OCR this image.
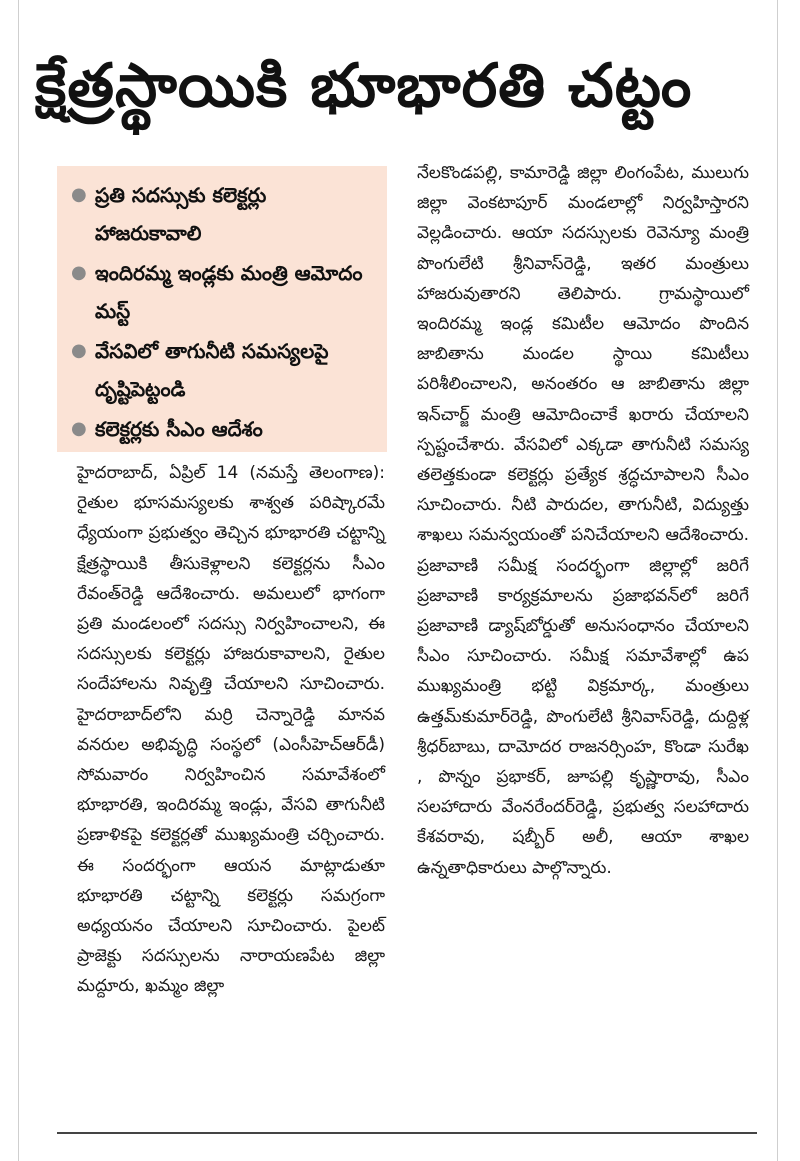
క్షేత్రస్థాయికి భూభారతి చట్టం
● ప్రతి సదస్సుకు కలెక్టర్లు హాజరుకావాలి
● ఇందిరమ్మ ఇండ్లకు మంత్రి ఆమోదం మస్ట్
● వేసవిలో తాగునీటి సమస్యలపై దృష్టిపెట్టండి
● కలెక్టర్లకు సీఎం ఆదేశం

హైదరాబాద్, ఏప్రిల్ 14 (నమస్తే తెలంగాణ): రైతుల భూసమస్యలకు శాశ్వత పరిష్కారమే ధ్యేయంగా ప్రభుత్వం తెచ్చిన భూభారతి చట్టాన్ని క్షేత్రస్థాయికి తీసుకెళ్లాలని కలెక్టర్లను సీఎం రేవంత్‌రెడ్డి ఆదేశించారు. అమలులో భాగంగా ప్రతి మండలంలో సదస్సు నిర్వహించాలని, ఈ సదస్సులకు కలెక్టర్లు హాజరుకావాలని, రైతుల సందేహాలను నివృత్తి చేయాలని సూచించారు. హైదరాబాద్‌లోని మర్రి చెన్నారెడ్డి మానవ వనరుల అభివృద్ధి సంస్థలో (ఎంసీహెచ్‌ఆర్‌డీ) సోమవారం నిర్వహించిన సమావేశంలో భూభారతి, ఇందిరమ్మ ఇండ్లు, వేసవి తాగునీటి ప్రణాళికపై కలెక్టర్లతో ముఖ్యమంత్రి చర్చించారు. ఈ సందర్భంగా ఆయన మాట్లాడుతూ భూభారతి చట్టాన్ని కలెక్టర్లు సమగ్రంగా అధ్యయనం చేయాలని సూచించారు. పైలట్ ప్రాజెక్టు సదస్సులను నారాయణపేట జిల్లా మద్దూరు, ఖమ్మం జిల్లా

నేలకొండపల్లి, కామారెడ్డి జిల్లా లింగంపేట, ములుగు జిల్లా వెంకటాపూర్ మండలాల్లో నిర్వహిస్తారని వెల్లడించారు. ఆయా సదస్సులకు రెవెన్యూ మంత్రి పొంగులేటి శ్రీనివాస్‌రెడ్డి, ఇతర మంత్రులు హాజరువుతారని తెలిపారు. గ్రామస్థాయిలో ఇందిరమ్మ ఇండ్ల కమిటీల ఆమోదం పొందిన జాబితాను మండల స్థాయి కమిటీలు పరిశీలించాలని, అనంతరం ఆ జాబితాను జిల్లా ఇన్‌చార్జ్ మంత్రి ఆమోదించాకే ఖరారు చేయాలని స్పష్టంచేశారు. వేసవిలో ఎక్కడా తాగునీటి సమస్య తలెత్తకుండా కలెక్టర్లు ప్రత్యేక శ్రద్ధచూపాలని సీఎం సూచించారు. నీటి పారుదల, తాగునీటి, విద్యుత్తు శాఖలు సమన్వయంతో పనిచేయాలని ఆదేశించారు. ప్రజావాణి సమీక్ష సందర్భంగా జిల్లాల్లో జరిగే ప్రజావాణి కార్యక్రమాలను ప్రజాభవన్‌లో జరిగే ప్రజావాణి డ్యాష్‌బోర్డుతో అనుసంధానం చేయాలని సీఎం సూచించారు. సమీక్ష సమావేశాల్లో ఉప ముఖ్యమంత్రి భట్టి విక్రమార్క, మంత్రులు ఉత్తమ్‌కుమార్‌రెడ్డి, పొంగులేటి శ్రీనివాస్‌రెడ్డి, దుద్దిళ్ల శ్రీధర్‌బాబు, దామోదర రాజనర్సింహ, కొండా సురేఖ , పొన్నం ప్రభాకర్, జూపల్లి కృష్ణారావు, సీఎం సలహాదారు వేంనరేందర్‌రెడ్డి, ప్రభుత్వ సలహాదారు కేశవరావు, షబ్బీర్ అలీ, ఆయా శాఖల ఉన్నతాధికారులు పాల్గొన్నారు.
